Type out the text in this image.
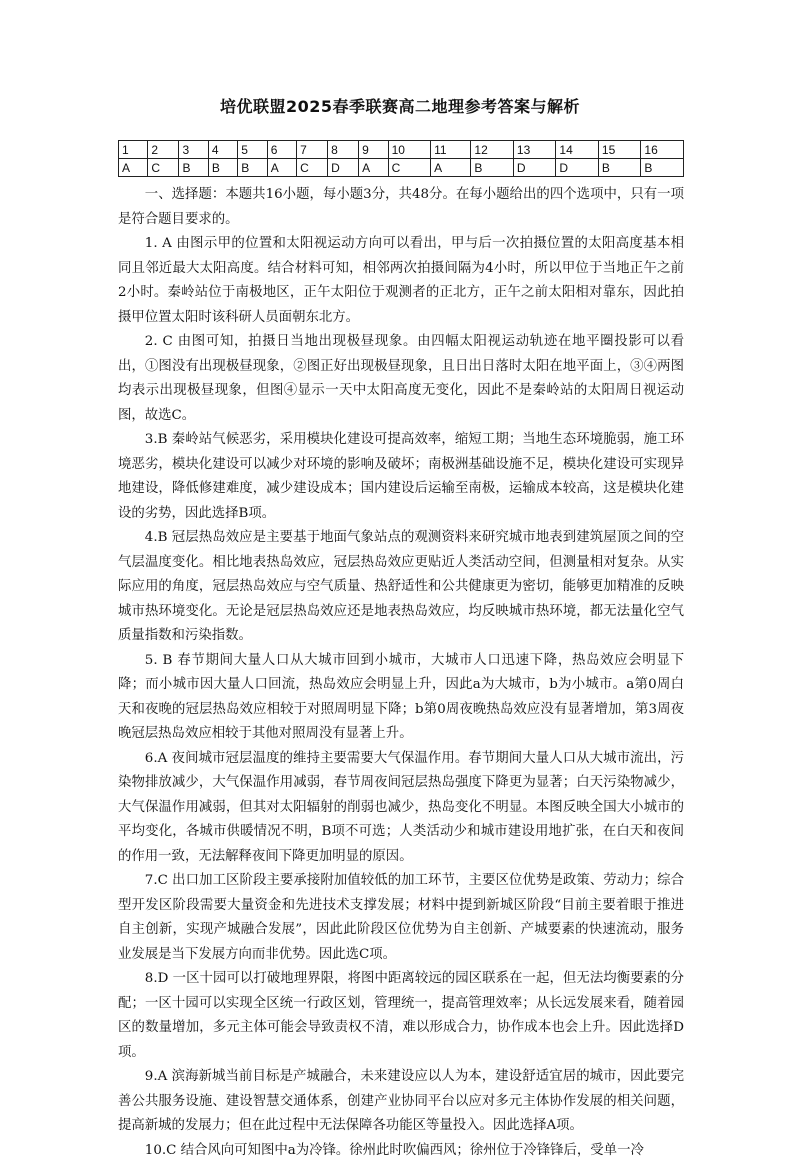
培优联盟2025春季联赛高二地理参考答案与解析
1	2	3	4	5	6	7	8	9	10	11	12	13	14	15	16
A	C	B	B	B	A	C	D	A	C	A	B	D	D	B	B

一、选择题：本题共16小题，每小题3分，共48分。在每小题给出的四个选项中，只有一项是符合题目要求的。

1. A 由图示甲的位置和太阳视运动方向可以看出，甲与后一次拍摄位置的太阳高度基本相同且邻近最大太阳高度。结合材料可知，相邻两次拍摄间隔为4小时，所以甲位于当地正午之前2小时。秦岭站位于南极地区，正午太阳位于观测者的正北方，正午之前太阳相对靠东，因此拍摄甲位置太阳时该科研人员面朝东北方。

2. C 由图可知，拍摄日当地出现极昼现象。由四幅太阳视运动轨迹在地平圈投影可以看出，①图没有出现极昼现象，②图正好出现极昼现象，且日出日落时太阳在地平面上，③④两图均表示出现极昼现象，但图④显示一天中太阳高度无变化，因此不是秦岭站的太阳周日视运动图，故选C。

3.B 秦岭站气候恶劣，采用模块化建设可提高效率，缩短工期；当地生态环境脆弱，施工环境恶劣，模块化建设可以减少对环境的影响及破坏；南极洲基础设施不足，模块化建设可实现异地建设，降低修建难度，减少建设成本；国内建设后运输至南极，运输成本较高，这是模块化建设的劣势，因此选择B项。

4.B 冠层热岛效应是主要基于地面气象站点的观测资料来研究城市地表到建筑屋顶之间的空气层温度变化。相比地表热岛效应，冠层热岛效应更贴近人类活动空间，但测量相对复杂。从实际应用的角度，冠层热岛效应与空气质量、热舒适性和公共健康更为密切，能够更加精准的反映城市热环境变化。无论是冠层热岛效应还是地表热岛效应，均反映城市热环境，都无法量化空气质量指数和污染指数。

5. B 春节期间大量人口从大城市回到小城市，大城市人口迅速下降，热岛效应会明显下降；而小城市因大量人口回流，热岛效应会明显上升，因此a为大城市，b为小城市。a第0周白天和夜晚的冠层热岛效应相较于对照周明显下降；b第0周夜晚热岛效应没有显著增加，第3周夜晚冠层热岛效应相较于其他对照周没有显著上升。

6.A 夜间城市冠层温度的维持主要需要大气保温作用。春节期间大量人口从大城市流出，污染物排放减少，大气保温作用减弱，春节周夜间冠层热岛强度下降更为显著；白天污染物减少，大气保温作用减弱，但其对太阳辐射的削弱也减少，热岛变化不明显。本图反映全国大小城市的平均变化，各城市供暖情况不明，B项不可选；人类活动少和城市建设用地扩张，在白天和夜间的作用一致，无法解释夜间下降更加明显的原因。

7.C 出口加工区阶段主要承接附加值较低的加工环节，主要区位优势是政策、劳动力；综合型开发区阶段需要大量资金和先进技术支撑发展；材料中提到新城区阶段“目前主要着眼于推进自主创新，实现产城融合发展”，因此此阶段区位优势为自主创新、产城要素的快速流动，服务业发展是当下发展方向而非优势。因此选C项。

8.D 一区十园可以打破地理界限，将图中距离较远的园区联系在一起，但无法均衡要素的分配；一区十园可以实现全区统一行政区划，管理统一，提高管理效率；从长远发展来看，随着园区的数量增加，多元主体可能会导致责权不清，难以形成合力，协作成本也会上升。因此选择D项。

9.A 滨海新城当前目标是产城融合，未来建设应以人为本，建设舒适宜居的城市，因此要完善公共服务设施、建设智慧交通体系，创建产业协同平台以应对多元主体协作发展的相关问题，提高新城的发展力；但在此过程中无法保障各功能区等量投入。因此选择A项。

10.C 结合风向可知图中a为冷锋。徐州此时吹偏西风；徐州位于冷锋锋后，受单一冷
